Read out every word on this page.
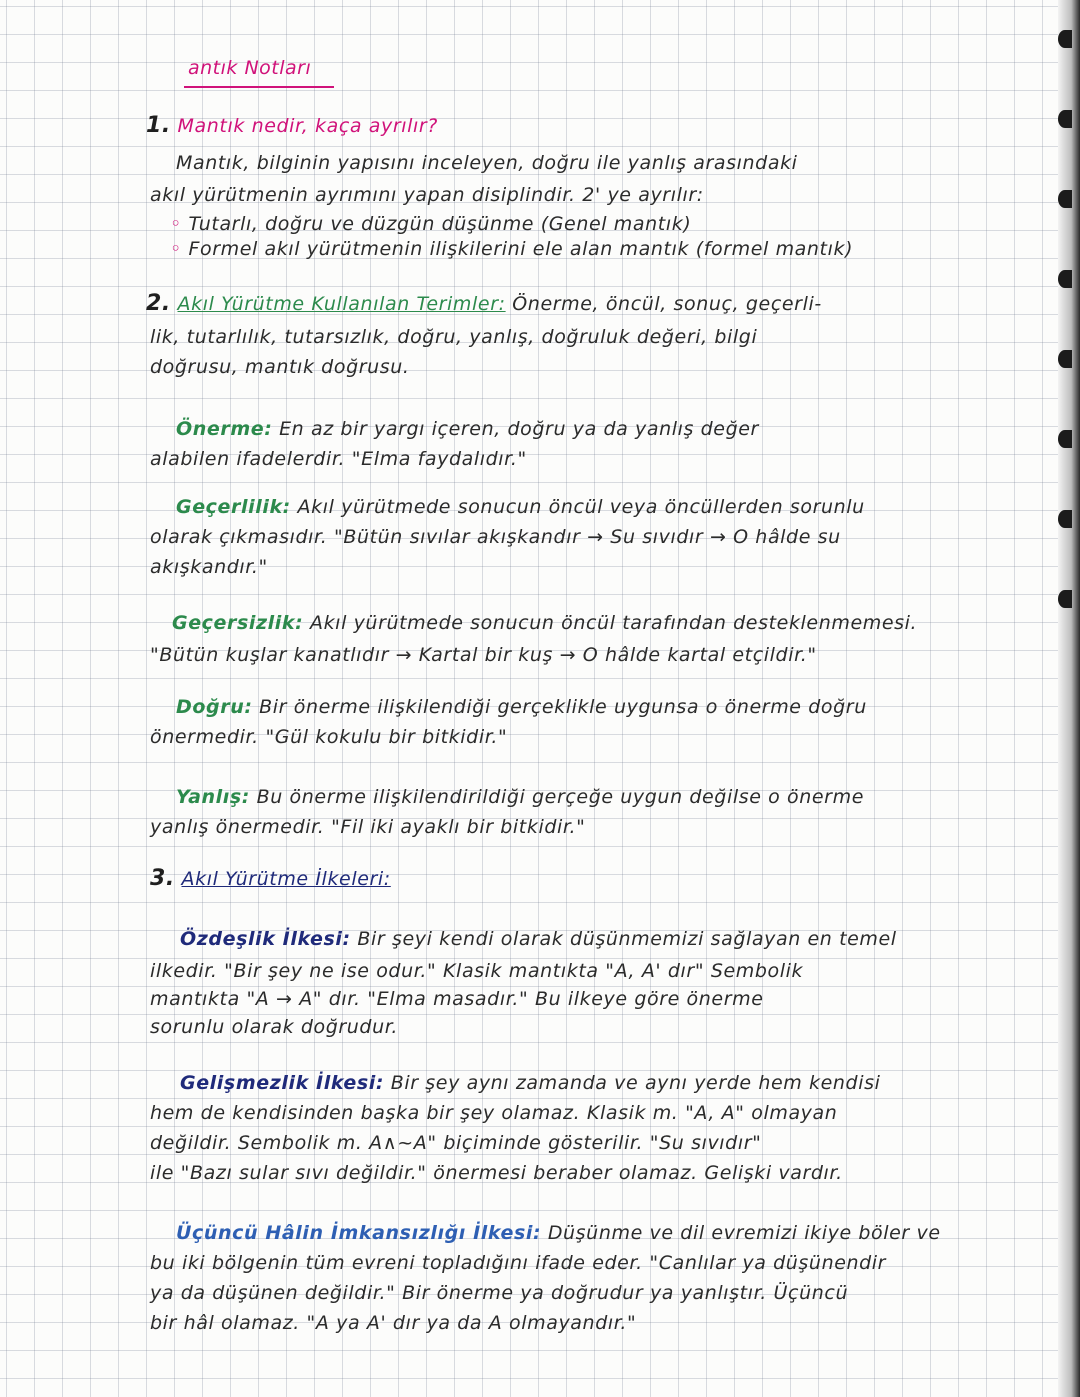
antık Notları
1. Mantık nedir, kaça ayrılır?
Mantık, bilginin yapısını inceleyen, doğru ile yanlış arasındaki
akıl yürütmenin ayrımını yapan disiplindir. 2' ye ayrılır:
◦ Tutarlı, doğru ve düzgün düşünme (Genel mantık)
◦ Formel akıl yürütmenin ilişkilerini ele alan mantık (formel mantık)
2. Akıl Yürütme Kullanılan Terimler: Önerme, öncül, sonuç, geçerli-
lik, tutarlılık, tutarsızlık, doğru, yanlış, doğruluk değeri, bilgi
doğrusu, mantık doğrusu.
Önerme: En az bir yargı içeren, doğru ya da yanlış değer
alabilen ifadelerdir. "Elma faydalıdır."
Geçerlilik: Akıl yürütmede sonucun öncül veya öncüllerden sorunlu
olarak çıkmasıdır. "Bütün sıvılar akışkandır → Su sıvıdır → O hâlde su
akışkandır."
Geçersizlik: Akıl yürütmede sonucun öncül tarafından desteklenmemesi.
"Bütün kuşlar kanatlıdır → Kartal bir kuş → O hâlde kartal etçildir."
Doğru: Bir önerme ilişkilendiği gerçeklikle uygunsa o önerme doğru
önermedir. "Gül kokulu bir bitkidir."
Yanlış: Bu önerme ilişkilendirildiği gerçeğe uygun değilse o önerme
yanlış önermedir. "Fil iki ayaklı bir bitkidir."
3. Akıl Yürütme İlkeleri:
Özdeşlik İlkesi: Bir şeyi kendi olarak düşünmemizi sağlayan en temel
ilkedir. "Bir şey ne ise odur." Klasik mantıkta "A, A' dır" Sembolik
mantıkta "A → A" dır. "Elma masadır." Bu ilkeye göre önerme
sorunlu olarak doğrudur.
Gelişmezlik İlkesi: Bir şey aynı zamanda ve aynı yerde hem kendisi
hem de kendisinden başka bir şey olamaz. Klasik m. "A, A" olmayan
değildir. Sembolik m. A∧~A" biçiminde gösterilir. "Su sıvıdır"
ile "Bazı sular sıvı değildir." önermesi beraber olamaz. Gelişki vardır.
Üçüncü Hâlin İmkansızlığı İlkesi: Düşünme ve dil evremizi ikiye böler ve
bu iki bölgenin tüm evreni topladığını ifade eder. "Canlılar ya düşünendir
ya da düşünen değildir." Bir önerme ya doğrudur ya yanlıştır. Üçüncü
bir hâl olamaz. "A ya A' dır ya da A olmayandır."
